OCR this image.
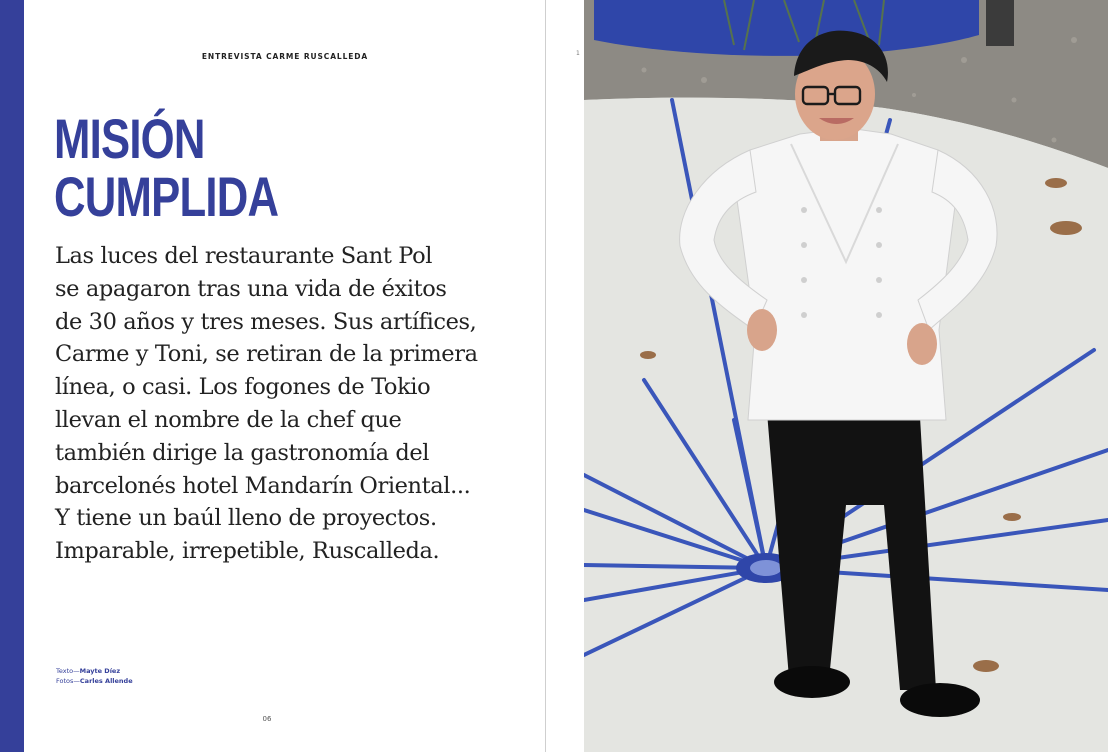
ENTREVISTA CARME RUSCALLEDA
MISIÓN
CUMPLIDA

Las luces del restaurante Sant Pol
se apagaron tras una vida de éxitos
de 30 años y tres meses. Sus artífices,
Carme y Toni, se retiran de la primera
línea, o casi. Los fogones de Tokio
llevan el nombre de la chef que
también dirige la gastronomía del
barcelonés hotel Mandarín Oriental...
Y tiene un baúl lleno de proyectos.
Imparable, irrepetible, Ruscalleda.

Texto—Mayte Díez
Fotos—Carles Allende
06
1
